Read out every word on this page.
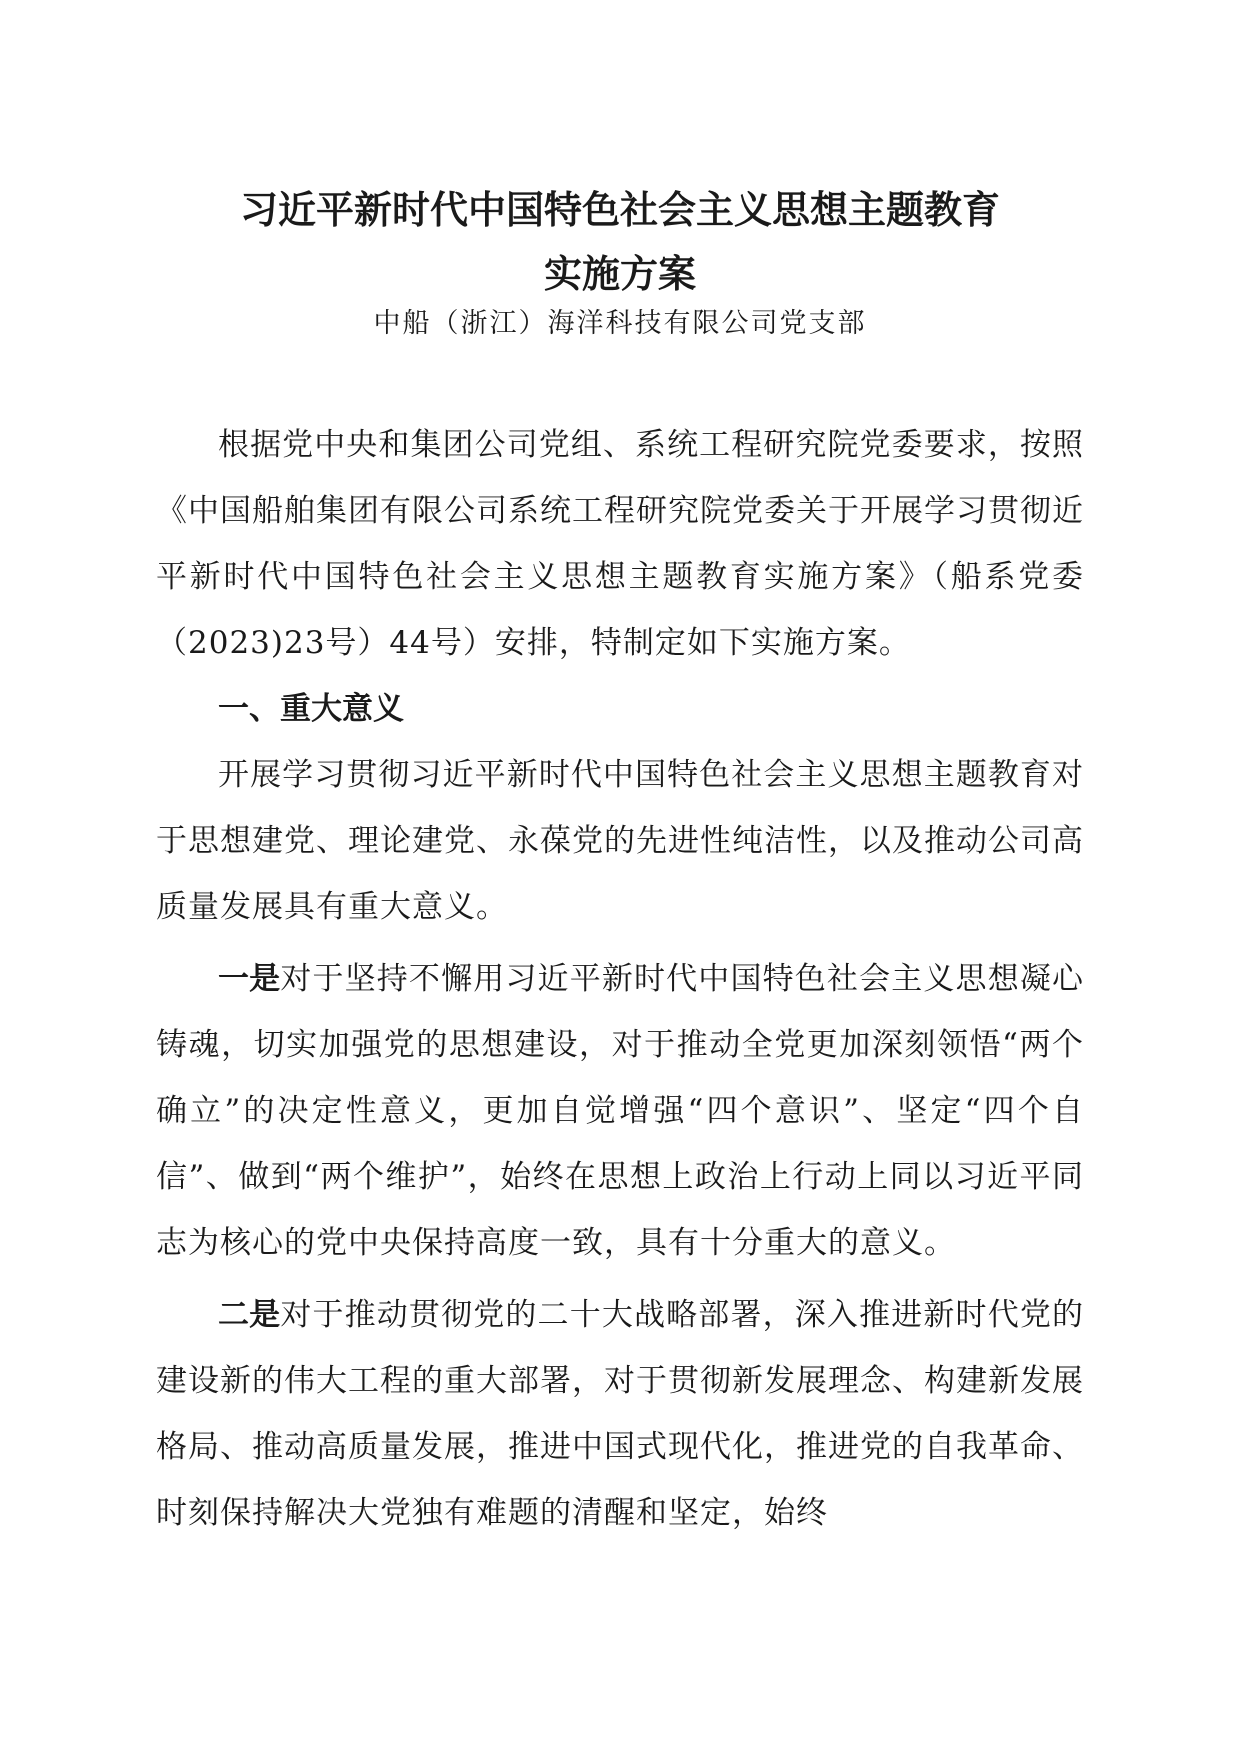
习近平新时代中国特色社会主义思想主题教育
实施方案
中船（浙江）海洋科技有限公司党支部

根据党中央和集团公司党组、系统工程研究院党委要求，按照《中国船舶集团有限公司系统工程研究院党委关于开展学习贯彻近平新时代中国特色社会主义思想主题教育实施方案》（船系党委（2023)23号）44号）安排，特制定如下实施方案。

一、重大意义

开展学习贯彻习近平新时代中国特色社会主义思想主题教育对于思想建党、理论建党、永葆党的先进性纯洁性，以及推动公司高质量发展具有重大意义。

一是对于坚持不懈用习近平新时代中国特色社会主义思想凝心铸魂，切实加强党的思想建设，对于推动全党更加深刻领悟“两个确立”的决定性意义，更加自觉增强“四个意识”、坚定“四个自信”、做到“两个维护”，始终在思想上政治上行动上同以习近平同志为核心的党中央保持高度一致，具有十分重大的意义。

二是对于推动贯彻党的二十大战略部署，深入推进新时代党的建设新的伟大工程的重大部署，对于贯彻新发展理念、构建新发展格局、推动高质量发展，推进中国式现代化，推进党的自我革命、时刻保持解决大党独有难题的清醒和坚定，始终
